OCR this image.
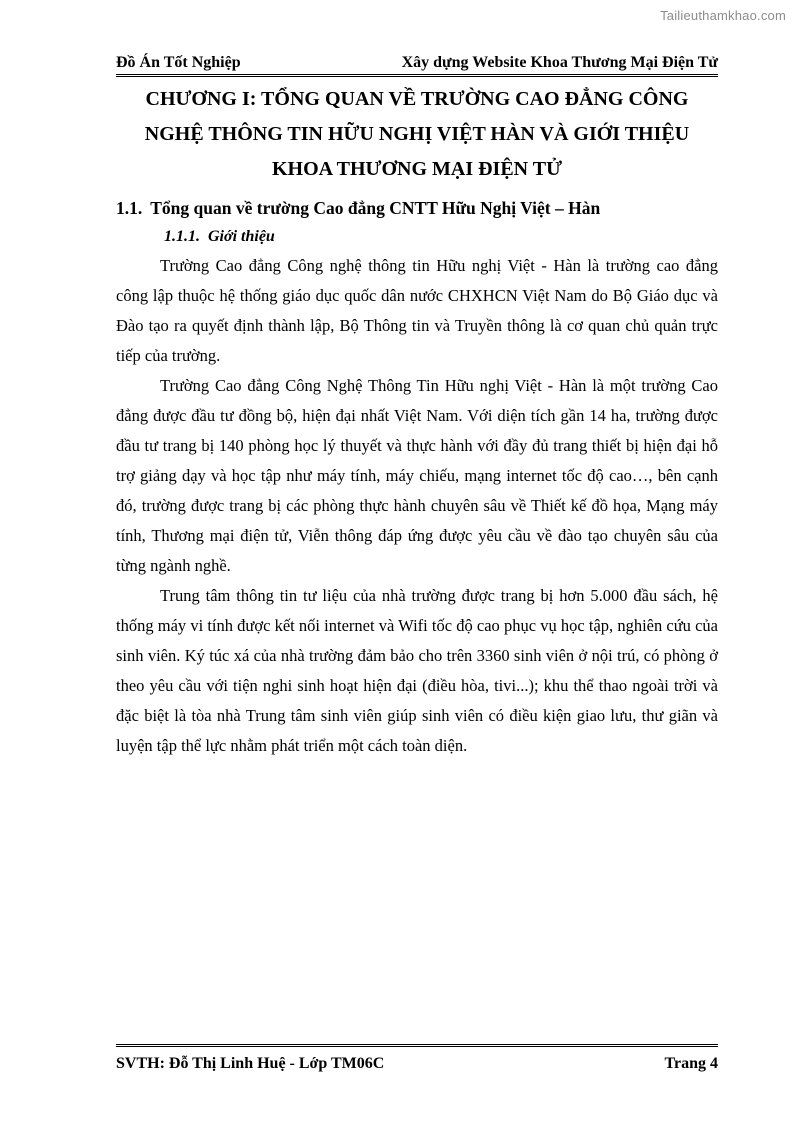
Tailieuthamkhao.com
Đồ Án Tốt Nghiệp	Xây dựng Website Khoa Thương Mại Điện Tử
CHƯƠNG I: TỔNG QUAN VỀ TRƯỜNG CAO ĐẲNG CÔNG NGHỆ THÔNG TIN HỮU NGHỊ VIỆT HÀN VÀ GIỚI THIỆU KHOA THƯƠNG MẠI ĐIỆN TỬ
1.1. Tổng quan về trường Cao đẳng CNTT Hữu Nghị Việt – Hàn
1.1.1. Giới thiệu

Trường Cao đẳng Công nghệ thông tin Hữu nghị Việt - Hàn là trường cao đẳng công lập thuộc hệ thống giáo dục quốc dân nước CHXHCN Việt Nam do Bộ Giáo dục và Đào tạo ra quyết định thành lập, Bộ Thông tin và Truyền thông là cơ quan chủ quản trực tiếp của trường.

Trường Cao đẳng Công Nghệ Thông Tin Hữu nghị Việt - Hàn là một trường Cao đẳng được đầu tư đồng bộ, hiện đại nhất Việt Nam. Với diện tích gần 14 ha, trường được đầu tư trang bị 140 phòng học lý thuyết và thực hành với đầy đủ trang thiết bị hiện đại hỗ trợ giảng dạy và học tập như máy tính, máy chiếu, mạng internet tốc độ cao…, bên cạnh đó, trường được trang bị các phòng thực hành chuyên sâu về Thiết kế đồ họa, Mạng máy tính, Thương mại điện tử, Viễn thông đáp ứng được yêu cầu về đào tạo chuyên sâu của từng ngành nghề.

Trung tâm thông tin tư liệu của nhà trường được trang bị hơn 5.000 đầu sách, hệ thống máy vi tính được kết nối internet và Wifi tốc độ cao phục vụ học tập, nghiên cứu của sinh viên. Ký túc xá của nhà trường đảm bảo cho trên 3360 sinh viên ở nội trú, có phòng ở theo yêu cầu với tiện nghi sinh hoạt hiện đại (điều hòa, tivi...); khu thể thao ngoài trời và đặc biệt là tòa nhà Trung tâm sinh viên giúp sinh viên có điều kiện giao lưu, thư giãn và luyện tập thể lực nhằm phát triển một cách toàn diện.

SVTH: Đỗ Thị Linh Huệ - Lớp TM06C	Trang 4
